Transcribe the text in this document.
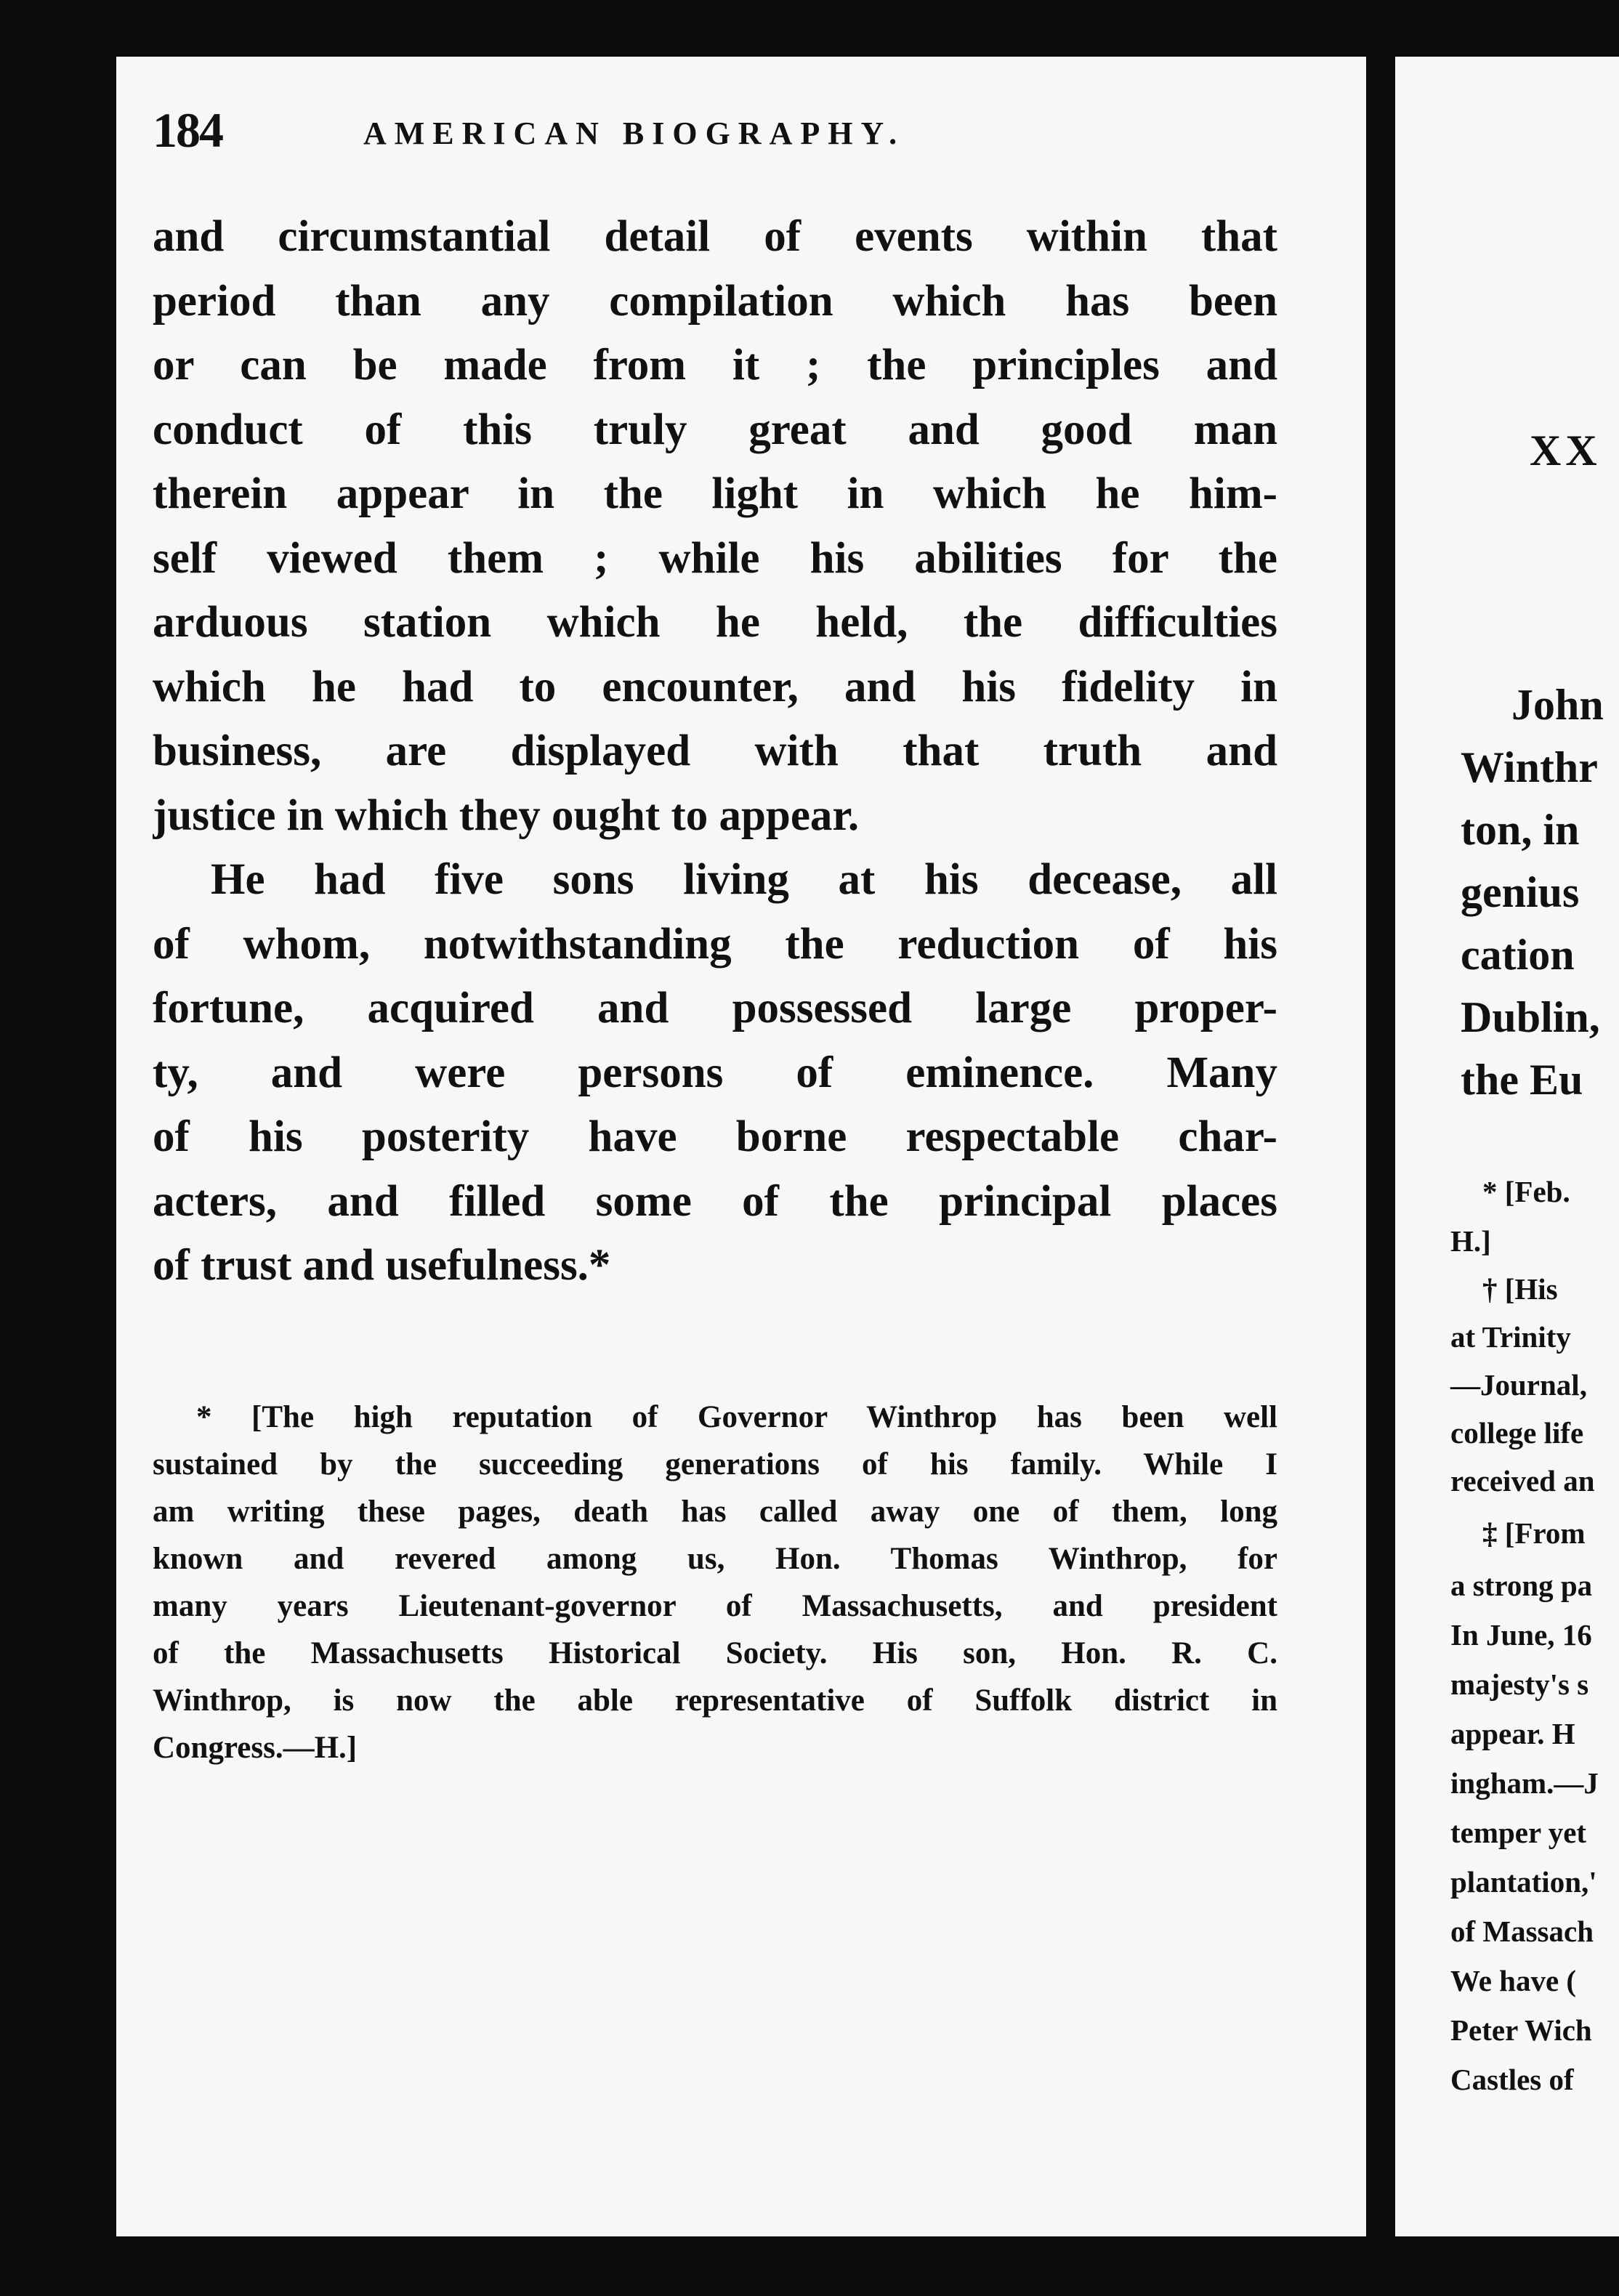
184	AMERICAN BIOGRAPHY.
and circumstantial detail of events within that
period than any compilation which has been
or can be made from it ; the principles and
conduct of this truly great and good man
therein appear in the light in which he him-
self viewed them ; while his abilities for the
arduous station which he held, the difficulties
which he had to encounter, and his fidelity in
business, are displayed with that truth and
justice in which they ought to appear.
He had five sons living at his decease, all
of whom, notwithstanding the reduction of his
fortune, acquired and possessed large proper-
ty, and were persons of eminence. Many
of his posterity have borne respectable char-
acters, and filled some of the principal places
of trust and usefulness.*
* [The high reputation of Governor Winthrop has been well
sustained by the succeeding generations of his family. While I
am writing these pages, death has called away one of them, long
known and revered among us, Hon. Thomas Winthrop, for
many years Lieutenant-governor of Massachusetts, and president
of the Massachusetts Historical Society. His son, Hon. R. C.
Winthrop, is now the able representative of Suffolk district in
Congress.—H.]
XX
John
Winthr
ton, in
genius
cation
Dublin,
the Eu
* [Feb.
H.]
† [His
at Trinity
—Journal,
college life
received an
‡ [From
a strong pa
In June, 16
majesty's s
appear. H
ingham.—J
temper yet
plantation,'
of Massach
We have (
Peter Wich
Castles of
